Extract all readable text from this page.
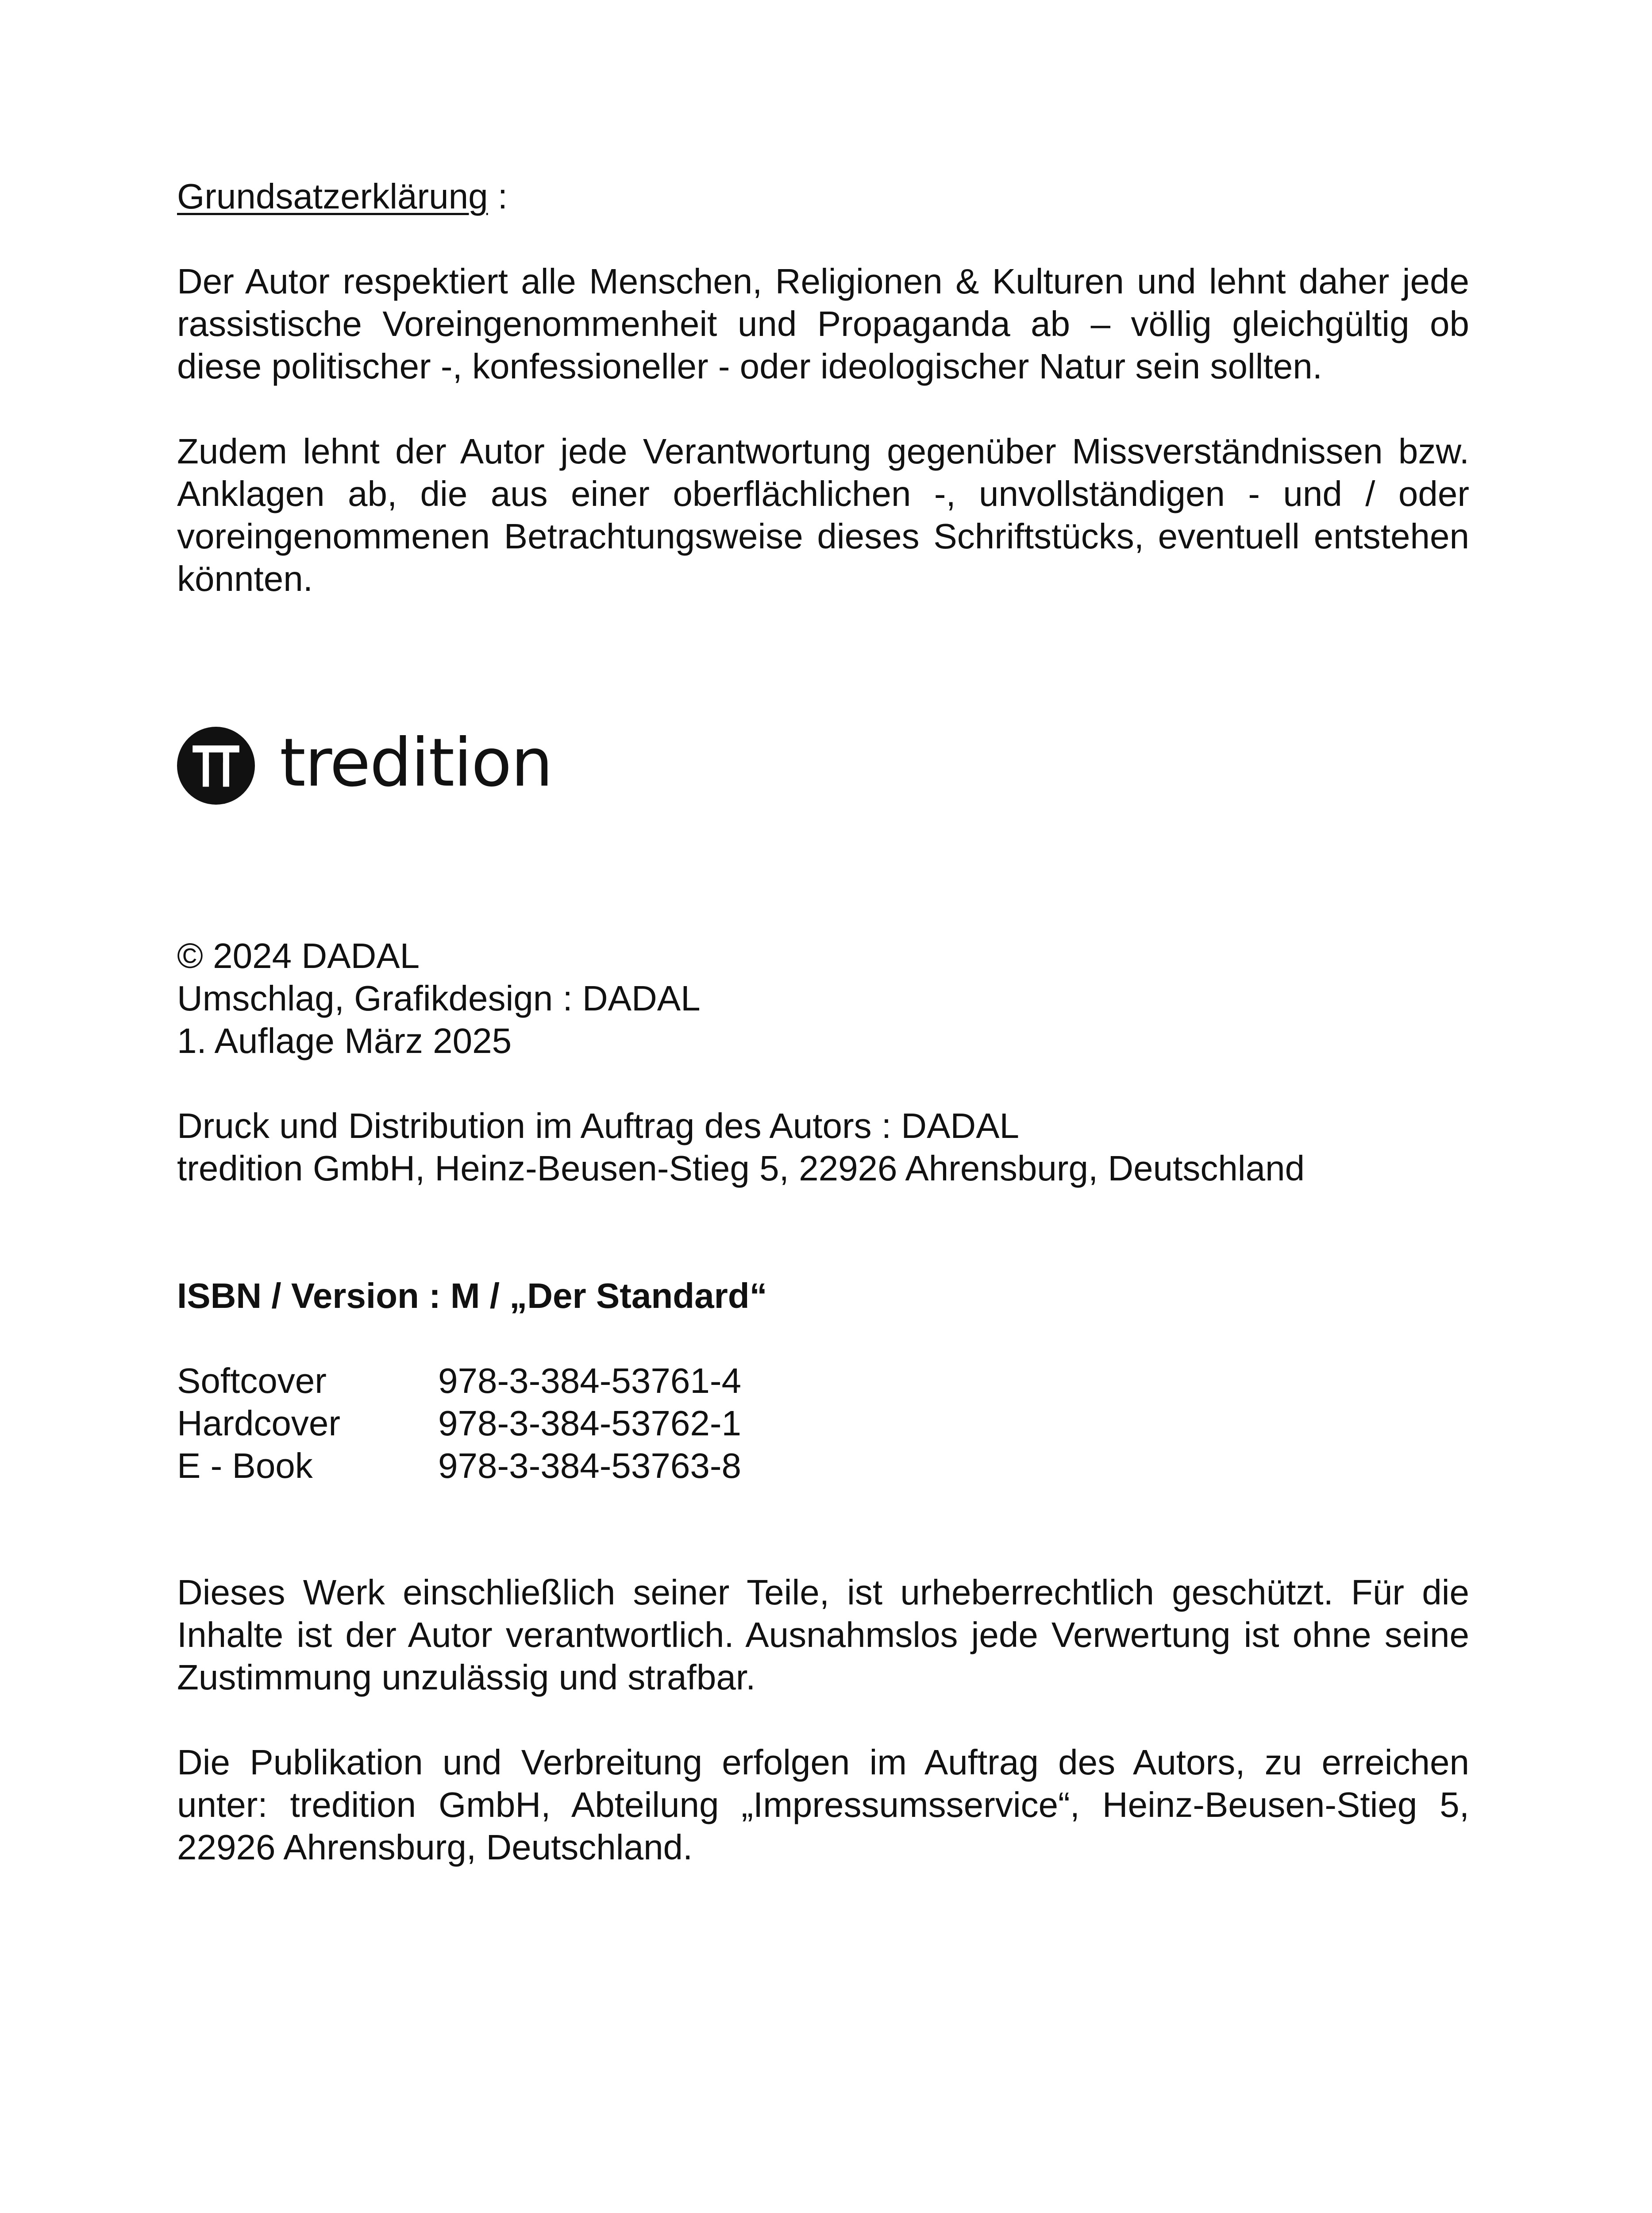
Grundsatzerklärung :

Der Autor respektiert alle Menschen, Religionen & Kulturen und lehnt daher jede rassistische Voreingenommenheit und Propaganda ab – völlig gleichgültig ob diese politischer -, konfessioneller - oder ideologischer Natur sein sollten.

Zudem lehnt der Autor jede Verantwortung gegenüber Missverständnissen bzw. Anklagen ab, die aus einer oberflächlichen -, unvollständigen - und / oder voreingenommenen Betrachtungsweise dieses Schriftstücks, eventuell entstehen könnten.

tredition

© 2024 DADAL

Umschlag, Grafikdesign : DADAL

1. Auflage März 2025

Druck und Distribution im Auftrag des Autors : DADAL

tredition GmbH, Heinz-Beusen-Stieg 5, 22926 Ahrensburg, Deutschland

ISBN / Version : M / „Der Standard“

Softcover	978-3-384-53761-4
Hardcover	978-3-384-53762-1
E - Book	978-3-384-53763-8

Dieses Werk einschließlich seiner Teile, ist urheberrechtlich geschützt. Für die Inhalte ist der Autor verantwortlich. Ausnahmslos jede Verwertung ist ohne seine Zustimmung unzulässig und strafbar.

Die Publikation und Verbreitung erfolgen im Auftrag des Autors, zu erreichen unter: tredition GmbH, Abteilung „Impressumsservice“, Heinz-Beusen-Stieg 5, 22926 Ahrensburg, Deutschland.
